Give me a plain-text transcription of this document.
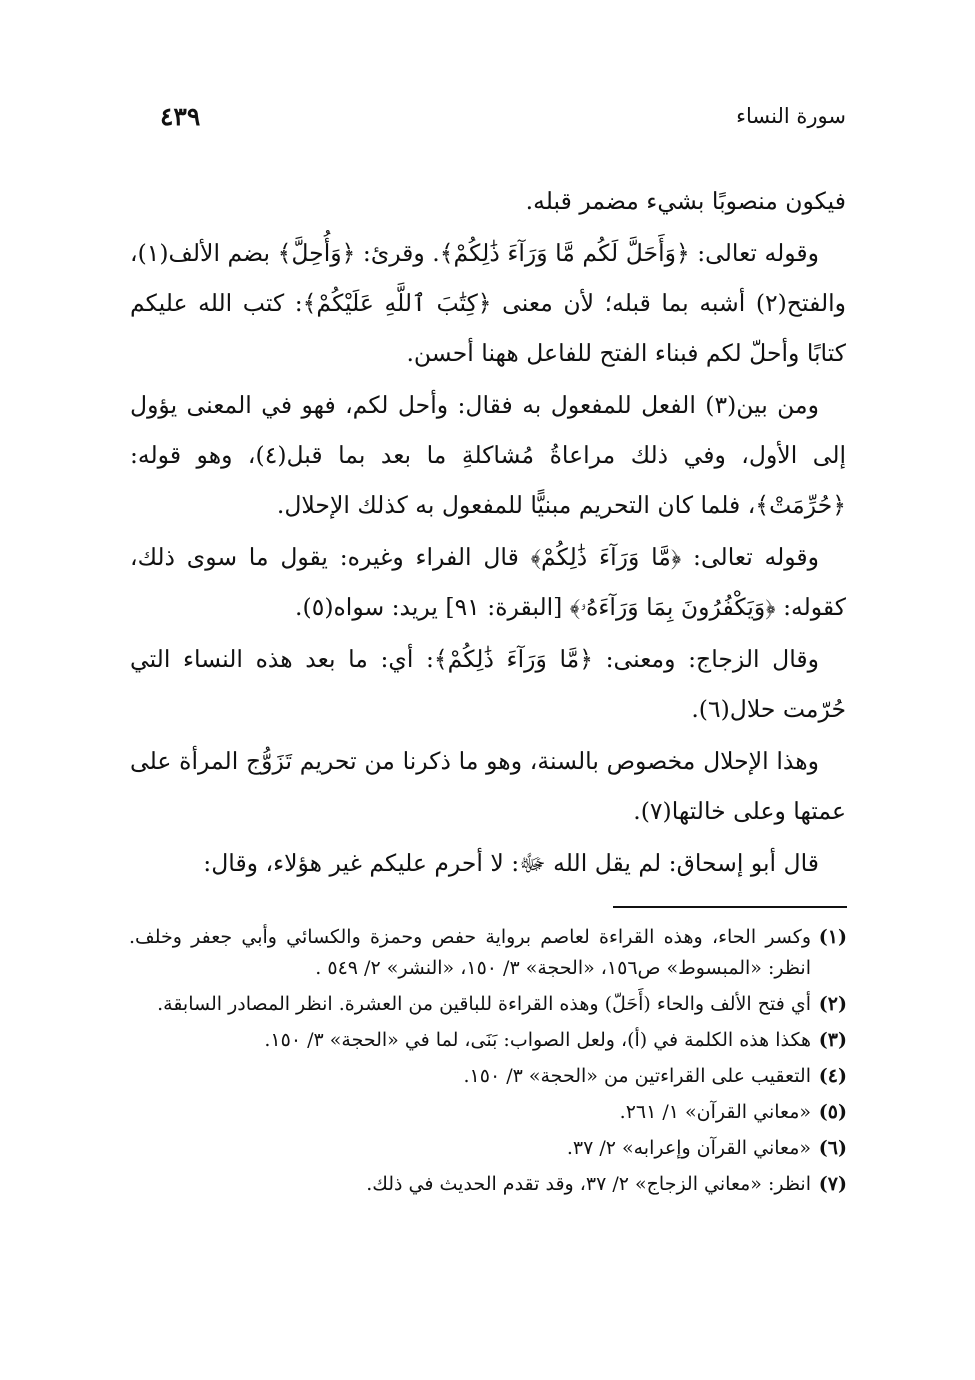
سورة النساء
٤٣٩

فيكون منصوبًا بشيء مضمر قبله.

وقوله تعالى: ﴿وَأَحَلَّ لَكُم مَّا وَرَآءَ ذَٰلِكُمْ﴾. وقرئ: ﴿وَأُحِلَّ﴾ بضم الألف(١)، والفتح(٢) أشبه بما قبله؛ لأن معنى ﴿كِتَٰبَ ٱللَّهِ عَلَيْكُمْ﴾: كتب الله عليكم كتابًا وأحلّ لكم فبناء الفتح للفاعل ههنا أحسن.

ومن بين(٣) الفعل للمفعول به فقال: وأحل لكم، فهو في المعنى يؤول إلى الأول، وفي ذلك مراعاةُ مُشاكلةِ ما بعد بما قبل(٤)، وهو قوله: ﴿حُرِّمَتْ﴾، فلما كان التحريم مبنيًّا للمفعول به كذلك الإحلال.

وقوله تعالى: ﴿مَّا وَرَآءَ ذَٰلِكُمْ﴾ قال الفراء وغيره: يقول ما سوى ذلك، كقوله: ﴿وَيَكْفُرُونَ بِمَا وَرَآءَهُۥ﴾ [البقرة: ٩١] يريد: سواه(٥).

وقال الزجاج: ومعنى: ﴿مَّا وَرَآءَ ذَٰلِكُمْ﴾: أي: ما بعد هذه النساء التي حُرّمت حلال(٦).

وهذا الإحلال مخصوص بالسنة، وهو ما ذكرنا من تحريم تَزَوُّج المرأة على عمتها وعلى خالتها(٧).

قال أبو إسحاق: لم يقل الله ﷻ: لا أحرم عليكم غير هؤلاء، وقال:

(١)
وكسر الحاء، وهذه القراءة لعاصم برواية حفص وحمزة والكسائي وأبي جعفر وخلف. انظر: «المبسوط» ص١٥٦، «الحجة» ٣/ ١٥٠، «النشر» ٢/ ٥٤٩ .
(٢)
أي فتح الألف والحاء (أَحَلّ) وهذه القراءة للباقين من العشرة. انظر المصادر السابقة.
(٣)
هكذا هذه الكلمة في (أ)، ولعل الصواب: بَنَى، لما في «الحجة» ٣/ ١٥٠.
(٤)
التعقيب على القراءتين من «الحجة» ٣/ ١٥٠.
(٥)
«معاني القرآن» ١/ ٢٦١.
(٦)
«معاني القرآن وإعرابه» ٢/ ٣٧.
(٧)
انظر: «معاني الزجاج» ٢/ ٣٧، وقد تقدم الحديث في ذلك.
